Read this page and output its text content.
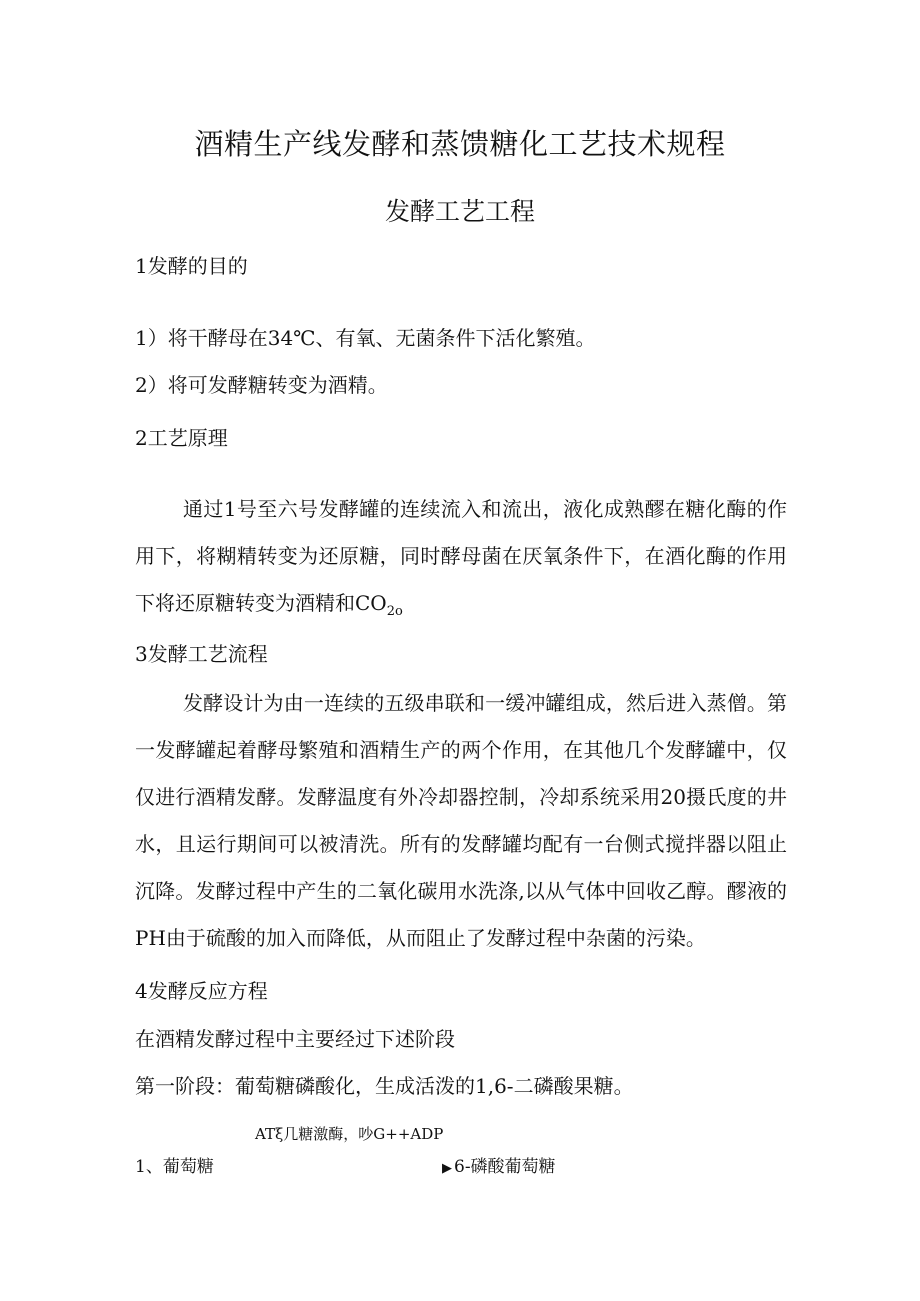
酒精生产线发酵和蒸馈糖化工艺技术规程
发酵工艺工程
1发酵的目的
1）将干酵母在34℃、有氧、无菌条件下活化繁殖。
2）将可发酵糖转变为酒精。
2工艺原理
通过1号至六号发酵罐的连续流入和流出，液化成熟醪在糖化酶的作用下，将糊精转变为还原糖，同时酵母菌在厌氧条件下，在酒化酶的作用下将还原糖转变为酒精和$CO_{2o}$
3发酵工艺流程
发酵设计为由一连续的五级串联和一缓冲罐组成，然后进入蒸僧。第一发酵罐起着酵母繁殖和酒精生产的两个作用，在其他几个发酵罐中，仅仅进行酒精发酵。发酵温度有外冷却器控制，冷却系统采用20摄氏度的井水，且运行期间可以被清洗。所有的发酵罐均配有一台侧式搅拌器以阻止沉降。发酵过程中产生的二氧化碳用水洗涤,以从气体中回收乙醇。醪液的PH由于硫酸的加入而降低，从而阻止了发酵过程中杂菌的污染。
4发酵反应方程
在酒精发酵过程中主要经过下述阶段
第一阶段：葡萄糖磷酸化，生成活泼的1,6-二磷酸果糖。
ATξ几糖激酶，吵G++ADP
1、葡萄糖	▶ 6-磷酸葡萄糖
